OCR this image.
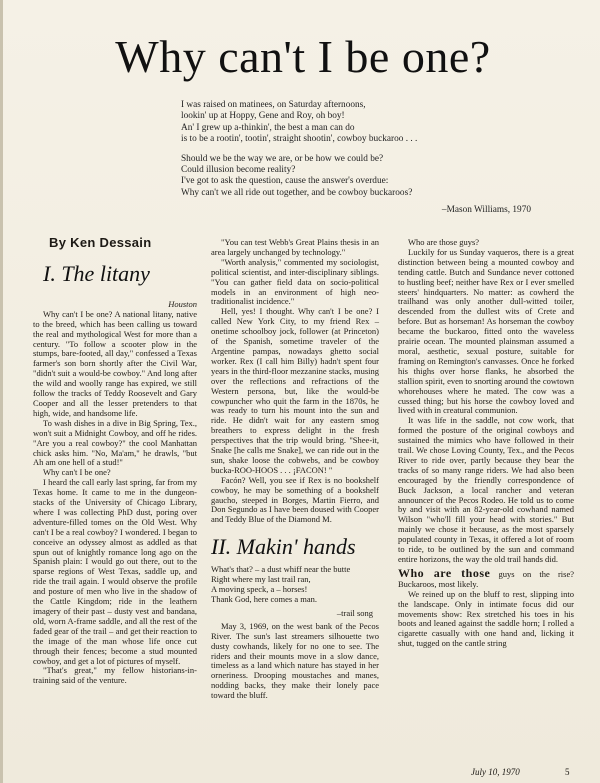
Why can't I be one?
I was raised on matinees, on Saturday afternoons,
lookin' up at Hoppy, Gene and Roy, oh boy!
An' I grew up a-thinkin', the best a man can do
is to be a rootin', tootin', straight shootin', cowboy buckaroo . . .
Should we be the way we are, or be how we could be?
Could illusion become reality?
I've got to ask the question, cause the answer's overdue:
Why can't we all ride out together, and be cowboy buckaroos?
–Mason Williams, 1970
By Ken Dessain
I. The litany

Houston

Why can't I be one? A national litany, native to the breed, which has been calling us toward the real and mythological West for more than a century. "To follow a scooter plow in the stumps, bare-footed, all day," confessed a Texas farmer's son born shortly after the Civil War, "didn't suit a would-be cowboy." And long after the wild and woolly range has expired, we still follow the tracks of Teddy Roosevelt and Gary Cooper and all the lesser pretenders to that high, wide, and handsome life.

To wash dishes in a dive in Big Spring, Tex., won't suit a Midnight Cowboy, and off he rides. "Are you a real cowboy?" the cool Manhattan chick asks him. "No, Ma'am," he drawls, "but Ah am one hell of a stud!"

Why can't I be one?

I heard the call early last spring, far from my Texas home. It came to me in the dungeon-stacks of the University of Chicago Library, where I was collecting PhD dust, poring over adventure-filled tomes on the Old West. Why can't I be a real cowboy? I wondered. I began to conceive an odyssey almost as addled as that spun out of knightly romance long ago on the Spanish plain: I would go out there, out to the sparse regions of West Texas, saddle up, and ride the trail again. I would observe the profile and posture of men who live in the shadow of the Cattle Kingdom; ride in the leathern imagery of their past – dusty vest and bandana, old, worn A-frame saddle, and all the rest of the faded gear of the trail – and get their reaction to the image of the man whose life once cut through their fences; become a stud mounted cowboy, and get a lot of pictures of myself.

"That's great," my fellow historians-in-training said of the venture.

"You can test Webb's Great Plains thesis in an area largely unchanged by technology."

"Worth analysis," commented my sociologist, political scientist, and inter-disciplinary siblings. "You can gather field data on socio-political models in an environment of high neo-traditionalist incidence."

Hell, yes! I thought. Why can't I be one? I called New York City, to my friend Rex – onetime schoolboy jock, follower (at Princeton) of the Spanish, sometime traveler of the Argentine pampas, nowadays ghetto social worker. Rex (I call him Billy) hadn't spent four years in the third-floor mezzanine stacks, musing over the reflections and refractions of the Western persona, but, like the would-be cowpuncher who quit the farm in the 1870s, he was ready to turn his mount into the sun and ride. He didn't wait for any eastern smog breathers to express delight in the fresh perspectives that the trip would bring. "Shee-it, Snake [he calls me Snake], we can ride out in the sun, shake loose the cobwebs, and be cowboy bucka-ROO-HOOS . . . ¡FACON! "

Facón? Well, you see if Rex is no bookshelf cowboy, he may be something of a bookshelf gaucho, steeped in Borges, Martin Fierro, and Don Segundo as I have been doused with Cooper and Teddy Blue of the Diamond M.

II. Makin' hands
What's that? – a dust whiff near the butte
Right where my last trail ran,
A moving speck, a – horses!
Thank God, here comes a man.
–trail song

May 3, 1969, on the west bank of the Pecos River. The sun's last streamers silhouette two dusty cowhands, likely for no one to see. The riders and their mounts move in a slow dance, timeless as a land which nature has stayed in her orneriness. Drooping moustaches and manes, nodding backs, they make their lonely pace toward the bluff.

Who are those guys?

Luckily for us Sunday vaqueros, there is a great distinction between being a mounted cowboy and tending cattle. Butch and Sundance never cottoned to hustling beef; neither have Rex or I ever smelled steers' hindquarters. No matter: as cowherd the trailhand was only another dull-witted toiler, descended from the dullest wits of Crete and before. But as horseman! As horseman the cowboy became the buckaroo, fitted onto the waveless prairie ocean. The mounted plainsman assumed a moral, aesthetic, sexual posture, suitable for framing on Remington's canvasses. Once he forked his thighs over horse flanks, he absorbed the stallion spirit, even to snorting around the cowtown whorehouses where he mated. The cow was a cussed thing; but his horse the cowboy loved and lived with in creatural communion.

It was life in the saddle, not cow work, that formed the posture of the original cowboys and sustained the mimics who have followed in their trail. We chose Loving County, Tex., and the Pecos River to ride over, partly because they bear the tracks of so many range riders. We had also been encouraged by the friendly correspondence of Buck Jackson, a local rancher and veteran announcer of the Pecos Rodeo. He told us to come by and visit with an 82-year-old cowhand named Wilson "who'll fill your head with stories." But mainly we chose it because, as the most sparsely populated county in Texas, it offered a lot of room to ride, to be outlined by the sun and command entire horizons, the way the old trail hands did.

Who are those guys on the rise? Buckaroos, most likely.

We reined up on the bluff to rest, slipping into the landscape. Only in intimate focus did our movements show: Rex stretched his toes in his boots and leaned against the saddle horn; I rolled a cigarette casually with one hand and, licking it shut, tugged on the cantle string

July 10, 1970	5
